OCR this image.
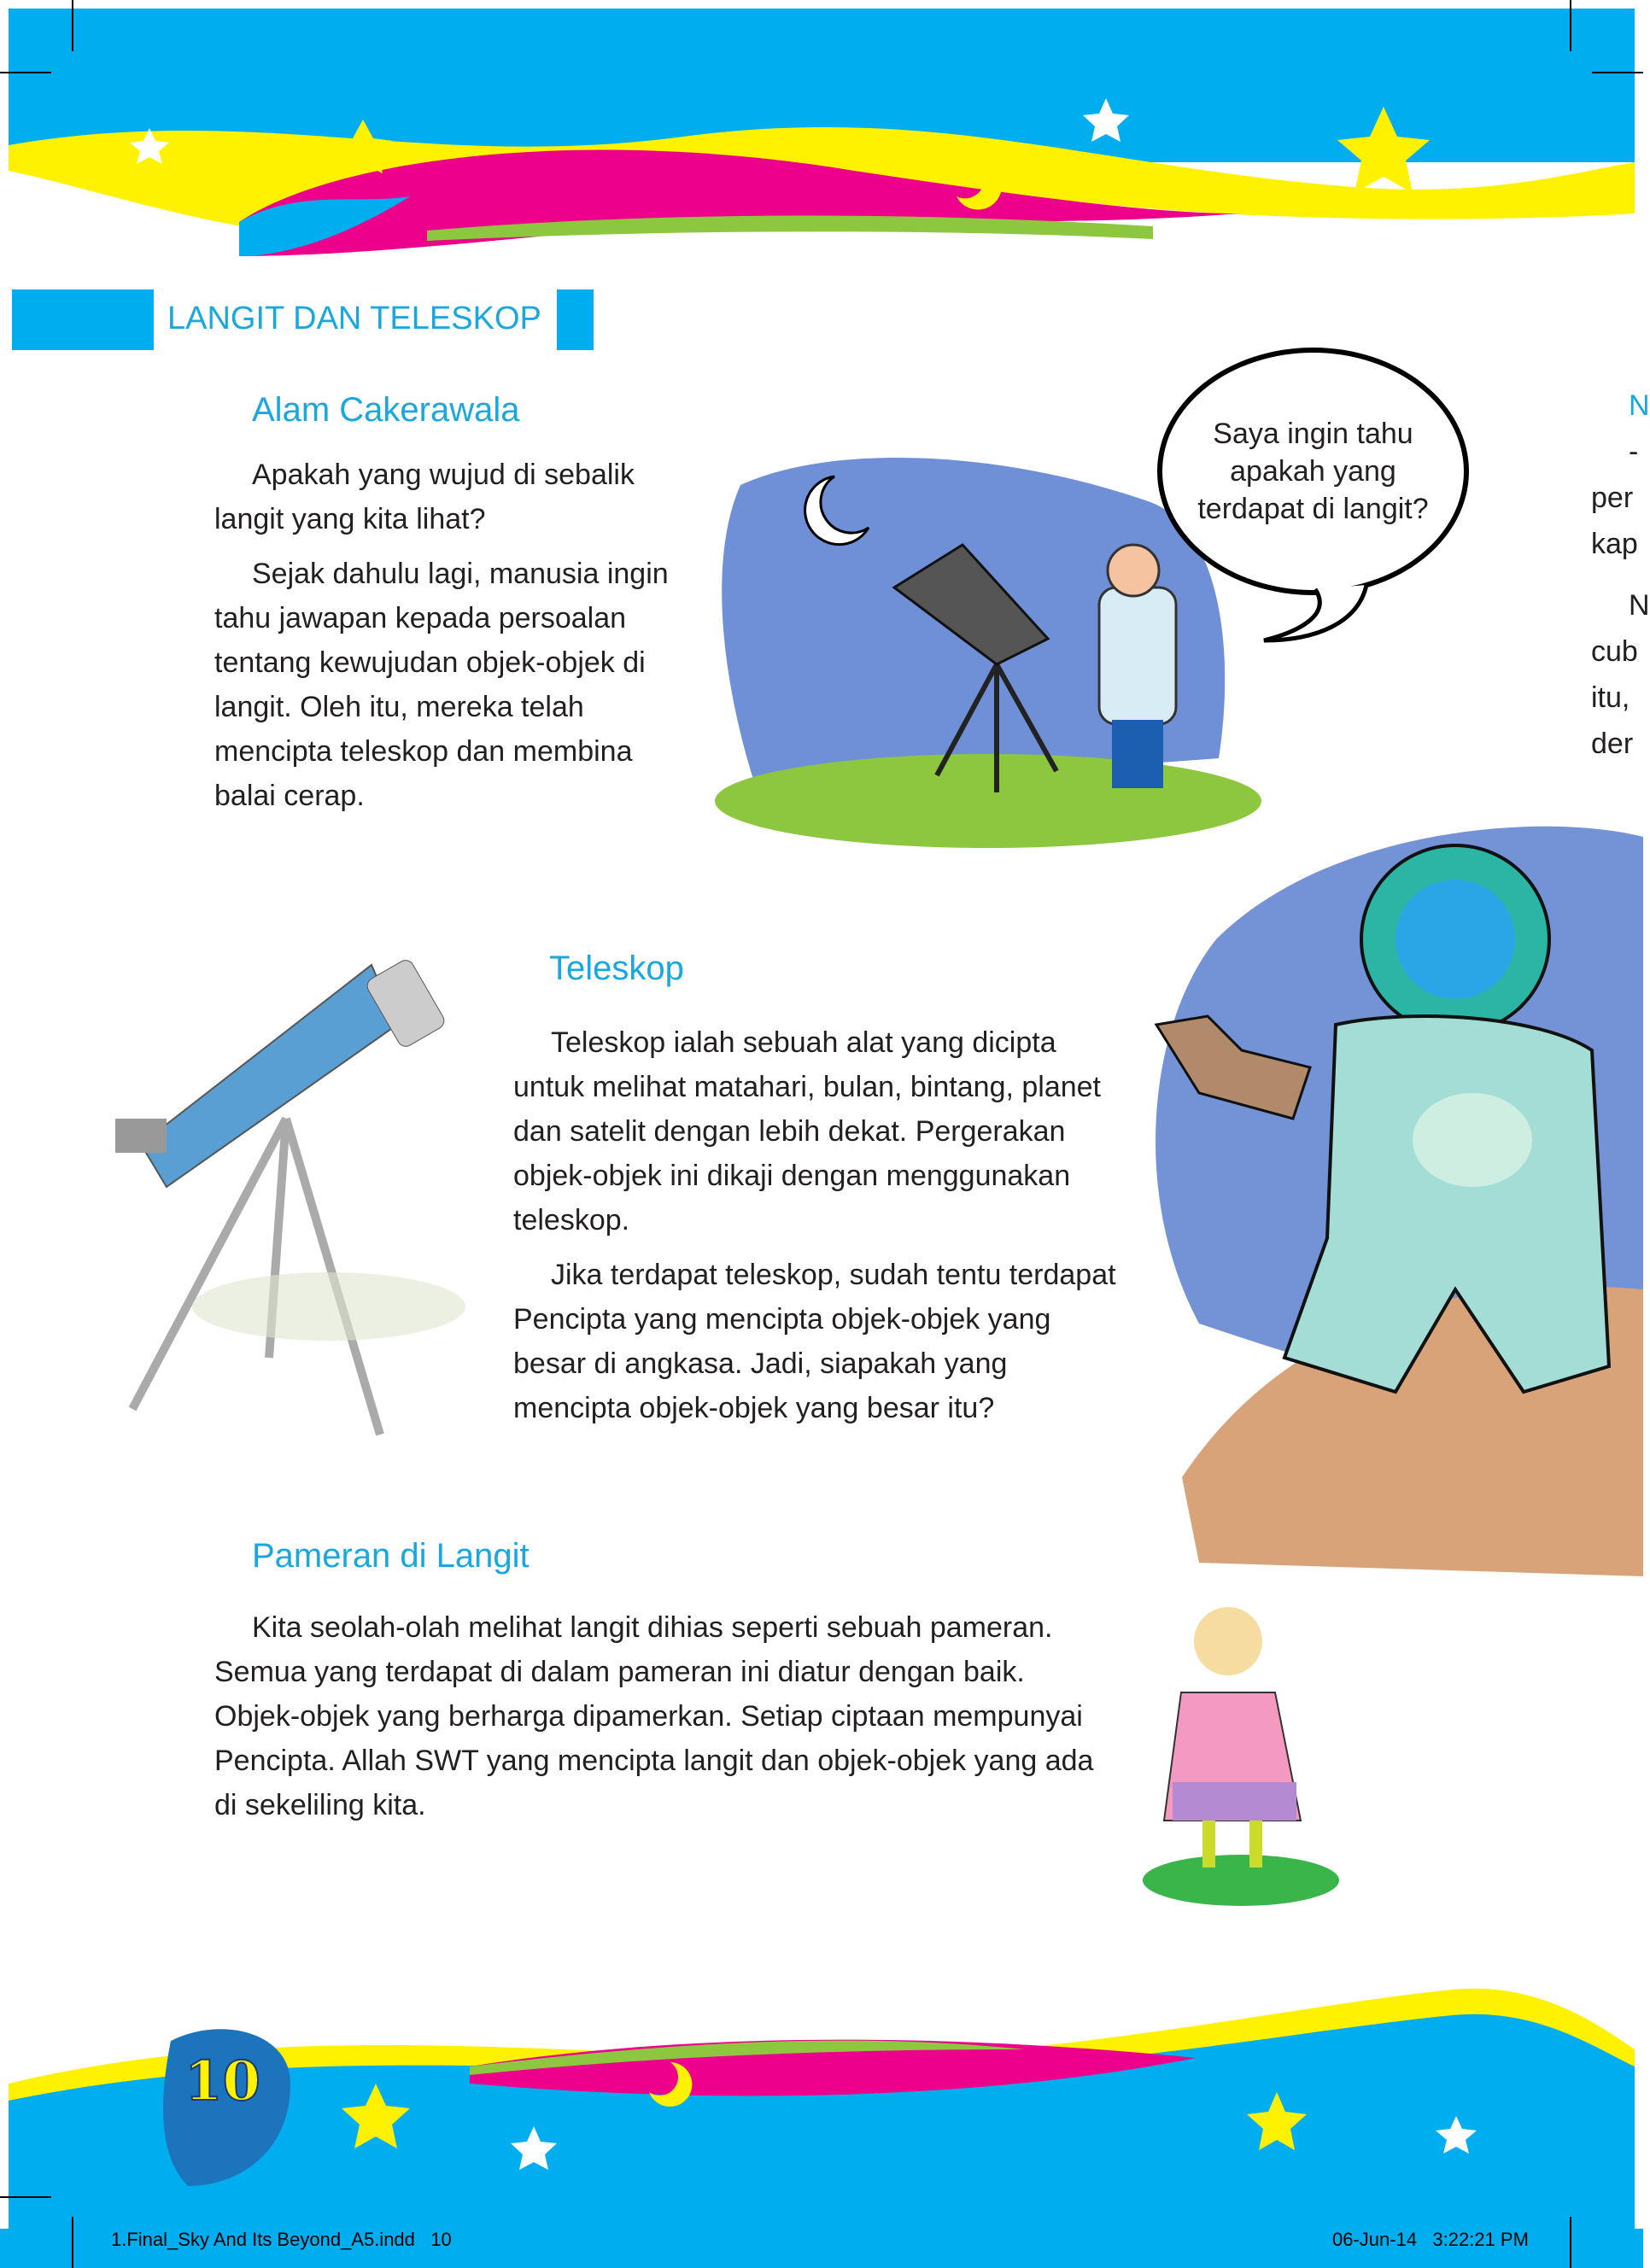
LANGIT DAN TELESKOP
Alam Cakerawala

Apakah yang wujud di sebalik langit yang kita lihat?

Sejak dahulu lagi, manusia ingin tahu jawapan kepada persoalan tentang kewujudan objek-objek di langit. Oleh itu, mereka telah mencipta teleskop dan membina balai cerap.

Saya ingin tahu apakah yang terdapat di langit?
N
-
per
kap
N
cub
itu,
der
Teleskop

Teleskop ialah sebuah alat yang dicipta untuk melihat matahari, bulan, bintang, planet dan satelit dengan lebih dekat. Pergerakan objek-objek ini dikaji dengan menggunakan teleskop.

Jika terdapat teleskop, sudah tentu terdapat Pencipta yang mencipta objek-objek yang besar di angkasa. Jadi, siapakah yang mencipta objek-objek yang besar itu?

Pameran di Langit

Kita seolah-olah melihat langit dihias seperti sebuah pameran. Semua yang terdapat di dalam pameran ini diatur dengan baik. Objek-objek yang berharga dipamerkan. Setiap ciptaan mempunyai Pencipta. Allah SWT yang mencipta langit dan objek-objek yang ada di sekeliling kita.

10
1.Final_Sky And Its Beyond_A5.indd   10	06-Jun-14   3:22:21 PM
